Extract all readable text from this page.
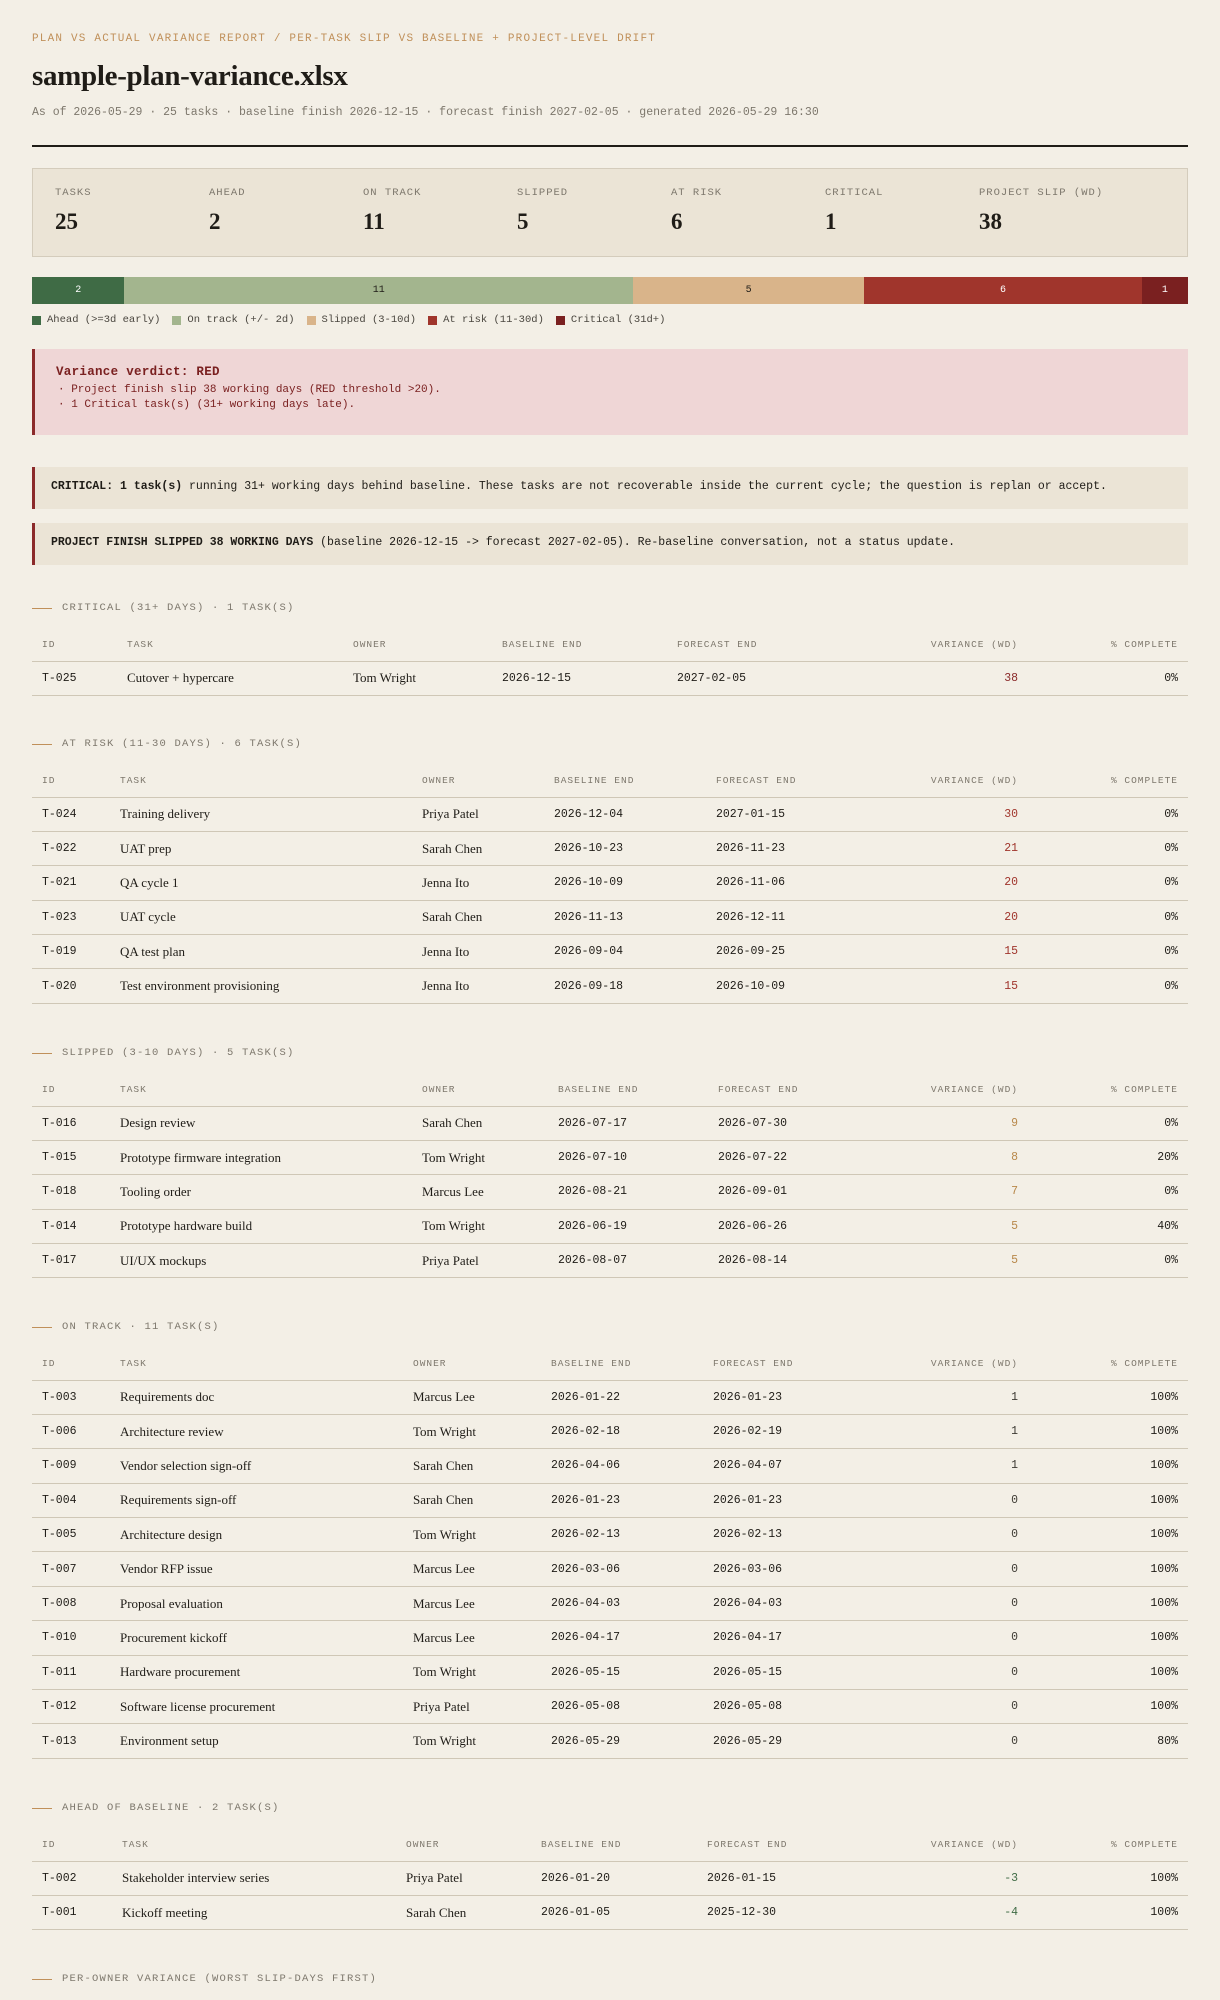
PLAN VS ACTUAL VARIANCE REPORT / PER-TASK SLIP VS BASELINE + PROJECT-LEVEL DRIFT
sample-plan-variance.xlsx
As of 2026-05-29 · 25 tasks · baseline finish 2026-12-15 · forecast finish 2027-02-05 · generated 2026-05-29 16:30
TASKS
25
AHEAD
2
ON TRACK
11
SLIPPED
5
AT RISK
6
CRITICAL
1
PROJECT SLIP (WD)
38
2	11	5	6	1
Ahead (>=3d early)	On track (+/- 2d)	Slipped (3-10d)	At risk (11-30d)	Critical (31d+)
Variance verdict: RED
· Project finish slip 38 working days (RED threshold >20).
· 1 Critical task(s) (31+ working days late).
CRITICAL: 1 task(s) running 31+ working days behind baseline. These tasks are not recoverable inside the current cycle; the question is replan or accept.
PROJECT FINISH SLIPPED 38 WORKING DAYS (baseline 2026-12-15 -> forecast 2027-02-05). Re-baseline conversation, not a status update.
CRITICAL (31+ DAYS) · 1 TASK(S)
ID	TASK	OWNER	BASELINE END	FORECAST END	VARIANCE (WD)	% COMPLETE
T-025	Cutover + hypercare	Tom Wright	2026-12-15	2027-02-05	38	0%
AT RISK (11-30 DAYS) · 6 TASK(S)
ID	TASK	OWNER	BASELINE END	FORECAST END	VARIANCE (WD)	% COMPLETE
T-024	Training delivery	Priya Patel	2026-12-04	2027-01-15	30	0%
T-022	UAT prep	Sarah Chen	2026-10-23	2026-11-23	21	0%
T-021	QA cycle 1	Jenna Ito	2026-10-09	2026-11-06	20	0%
T-023	UAT cycle	Sarah Chen	2026-11-13	2026-12-11	20	0%
T-019	QA test plan	Jenna Ito	2026-09-04	2026-09-25	15	0%
T-020	Test environment provisioning	Jenna Ito	2026-09-18	2026-10-09	15	0%
SLIPPED (3-10 DAYS) · 5 TASK(S)
ID	TASK	OWNER	BASELINE END	FORECAST END	VARIANCE (WD)	% COMPLETE
T-016	Design review	Sarah Chen	2026-07-17	2026-07-30	9	0%
T-015	Prototype firmware integration	Tom Wright	2026-07-10	2026-07-22	8	20%
T-018	Tooling order	Marcus Lee	2026-08-21	2026-09-01	7	0%
T-014	Prototype hardware build	Tom Wright	2026-06-19	2026-06-26	5	40%
T-017	UI/UX mockups	Priya Patel	2026-08-07	2026-08-14	5	0%
ON TRACK · 11 TASK(S)
ID	TASK	OWNER	BASELINE END	FORECAST END	VARIANCE (WD)	% COMPLETE
T-003	Requirements doc	Marcus Lee	2026-01-22	2026-01-23	1	100%
T-006	Architecture review	Tom Wright	2026-02-18	2026-02-19	1	100%
T-009	Vendor selection sign-off	Sarah Chen	2026-04-06	2026-04-07	1	100%
T-004	Requirements sign-off	Sarah Chen	2026-01-23	2026-01-23	0	100%
T-005	Architecture design	Tom Wright	2026-02-13	2026-02-13	0	100%
T-007	Vendor RFP issue	Marcus Lee	2026-03-06	2026-03-06	0	100%
T-008	Proposal evaluation	Marcus Lee	2026-04-03	2026-04-03	0	100%
T-010	Procurement kickoff	Marcus Lee	2026-04-17	2026-04-17	0	100%
T-011	Hardware procurement	Tom Wright	2026-05-15	2026-05-15	0	100%
T-012	Software license procurement	Priya Patel	2026-05-08	2026-05-08	0	100%
T-013	Environment setup	Tom Wright	2026-05-29	2026-05-29	0	80%
AHEAD OF BASELINE · 2 TASK(S)
ID	TASK	OWNER	BASELINE END	FORECAST END	VARIANCE (WD)	% COMPLETE
T-002	Stakeholder interview series	Priya Patel	2026-01-20	2026-01-15	-3	100%
T-001	Kickoff meeting	Sarah Chen	2026-01-05	2025-12-30	-4	100%
PER-OWNER VARIANCE (WORST SLIP-DAYS FIRST)
